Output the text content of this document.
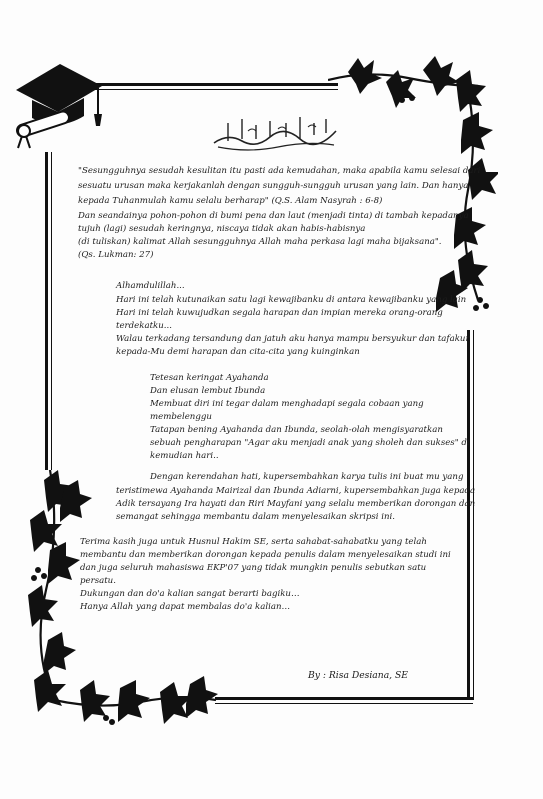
"Sesungguhnya sesudah kesulitan itu pasti ada kemudahan, maka apabila kamu selesai dari
sesuatu urusan maka kerjakanlah dengan sungguh-sungguh urusan yang lain. Dan hanya
kepada Tuhanmulah kamu selalu berharap" (Q.S. Alam Nasyrah : 6-8)
Dan seandainya pohon-pohon di bumi pena dan laut (menjadi tinta) di tambah kepadanya
tujuh (lagi) sesudah keringnya, niscaya tidak akan habis-habisnya
(di tuliskan) kalimat Allah sesungguhnya Allah maha perkasa lagi maha bijaksana".
(Qs. Lukman: 27)
Alhamdulillah...
Hari ini telah kutunaikan satu lagi kewajibanku di antara kewajibanku yang lain
Hari ini telah kuwujudkan segala harapan dan impian mereka orang-orang
terdekatku...
Walau terkadang tersandung dan jatuh aku hanya mampu bersyukur dan tafakur
kepada-Mu demi harapan dan cita-cita yang kuinginkan
Tetesan keringat Ayahanda
Dan elusan lembut Ibunda
Membuat diri ini tegar dalam menghadapi segala cobaan yang
membelenggu
Tatapan bening Ayahanda dan Ibunda, seolah-olah mengisyaratkan
sebuah pengharapan "Agar aku menjadi anak yang sholeh dan sukses" di
kemudian hari..
Dengan kerendahan hati, kupersembahkan karya tulis ini buat mu yang
teristimewa Ayahanda Mairizal dan Ibunda Adiarni, kupersembahkan juga kepada
Adik tersayang Ira hayati dan Riri Mayfani yang selalu memberikan dorongan dan
semangat sehingga membantu dalam menyelesaikan skripsi ini.
Terima kasih juga untuk Husnul Hakim SE, serta sahabat-sahabatku yang telah
membantu dan memberikan dorongan kepada penulis dalam menyelesaikan studi ini
dan juga seluruh mahasiswa EKP'07 yang tidak mungkin penulis sebutkan satu
persatu.
Dukungan dan do'a kalian sangat berarti bagiku…
Hanya Allah yang dapat membalas do'a kalian…
By : Risa Desiana, SE
